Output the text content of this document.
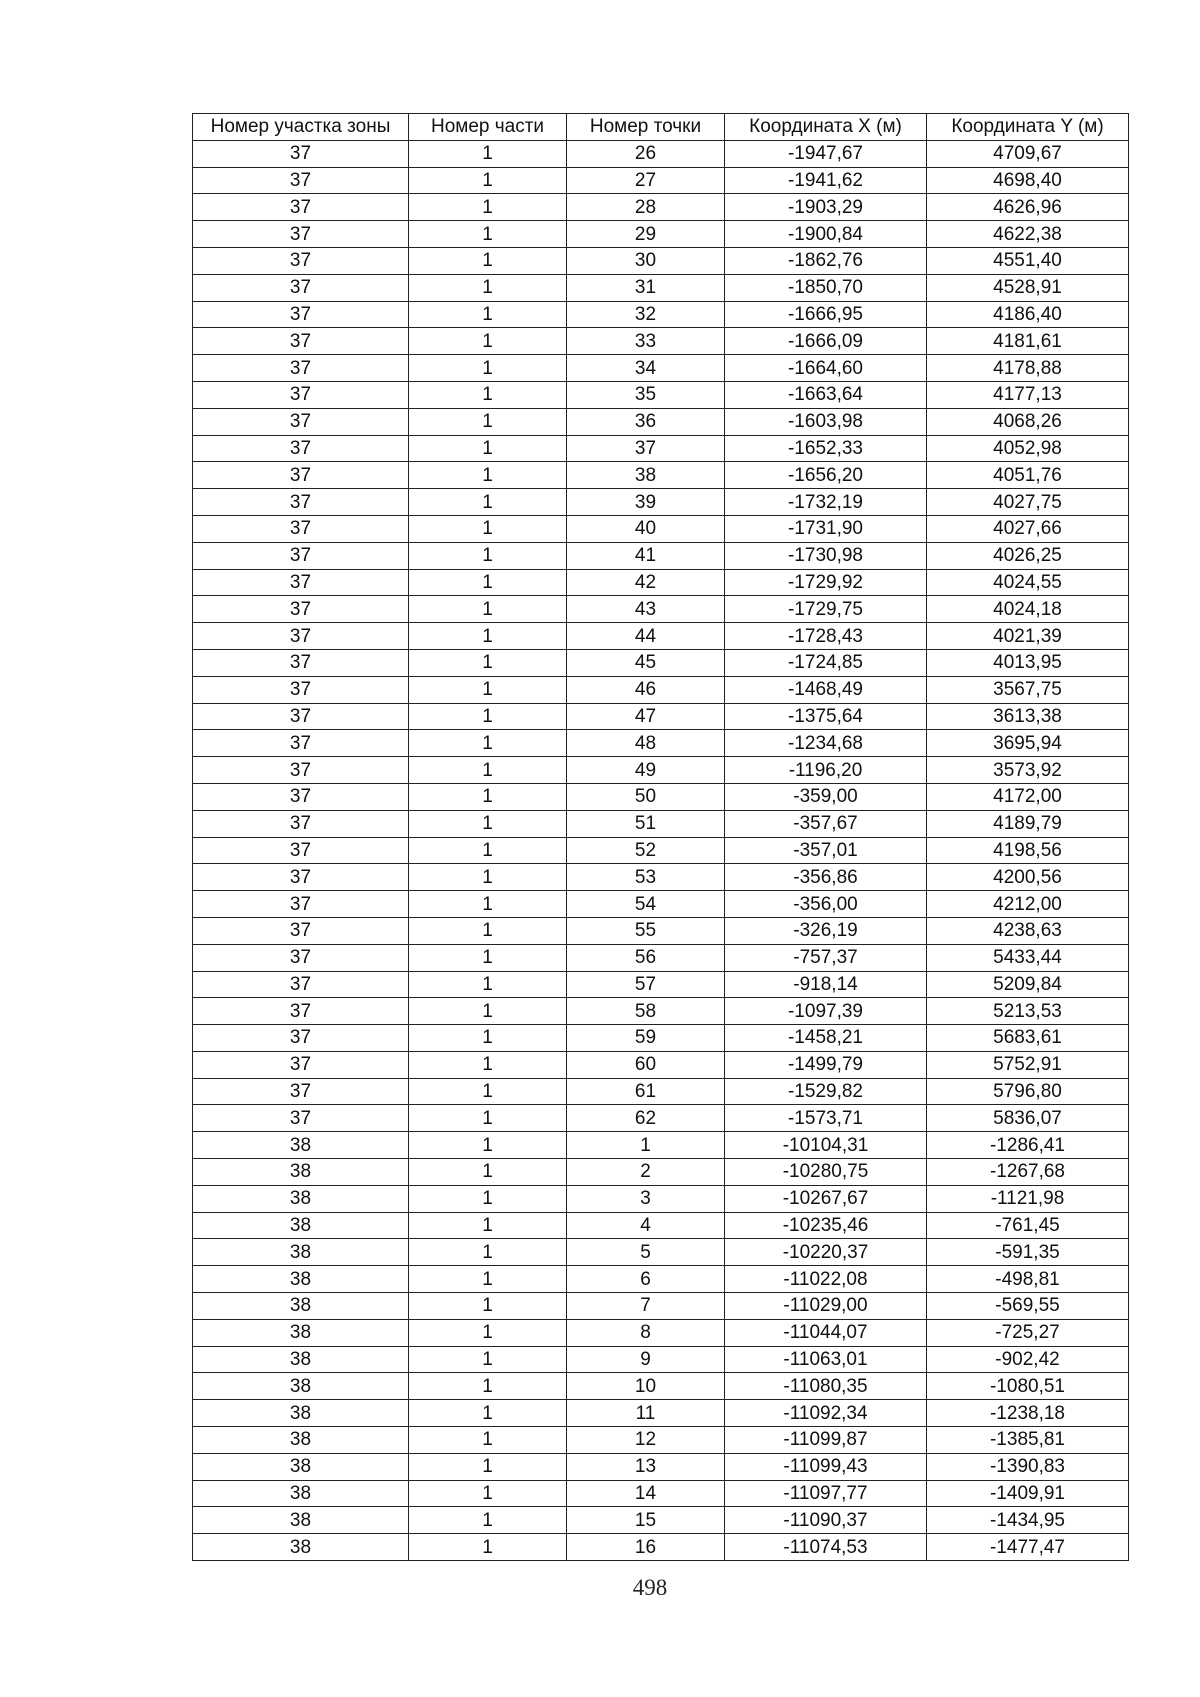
Номер участка зоны	Номер части	Номер точки	Координата X (м)	Координата Y (м)
37	1	26	-1947,67	4709,67
37	1	27	-1941,62	4698,40
37	1	28	-1903,29	4626,96
37	1	29	-1900,84	4622,38
37	1	30	-1862,76	4551,40
37	1	31	-1850,70	4528,91
37	1	32	-1666,95	4186,40
37	1	33	-1666,09	4181,61
37	1	34	-1664,60	4178,88
37	1	35	-1663,64	4177,13
37	1	36	-1603,98	4068,26
37	1	37	-1652,33	4052,98
37	1	38	-1656,20	4051,76
37	1	39	-1732,19	4027,75
37	1	40	-1731,90	4027,66
37	1	41	-1730,98	4026,25
37	1	42	-1729,92	4024,55
37	1	43	-1729,75	4024,18
37	1	44	-1728,43	4021,39
37	1	45	-1724,85	4013,95
37	1	46	-1468,49	3567,75
37	1	47	-1375,64	3613,38
37	1	48	-1234,68	3695,94
37	1	49	-1196,20	3573,92
37	1	50	-359,00	4172,00
37	1	51	-357,67	4189,79
37	1	52	-357,01	4198,56
37	1	53	-356,86	4200,56
37	1	54	-356,00	4212,00
37	1	55	-326,19	4238,63
37	1	56	-757,37	5433,44
37	1	57	-918,14	5209,84
37	1	58	-1097,39	5213,53
37	1	59	-1458,21	5683,61
37	1	60	-1499,79	5752,91
37	1	61	-1529,82	5796,80
37	1	62	-1573,71	5836,07
38	1	1	-10104,31	-1286,41
38	1	2	-10280,75	-1267,68
38	1	3	-10267,67	-1121,98
38	1	4	-10235,46	-761,45
38	1	5	-10220,37	-591,35
38	1	6	-11022,08	-498,81
38	1	7	-11029,00	-569,55
38	1	8	-11044,07	-725,27
38	1	9	-11063,01	-902,42
38	1	10	-11080,35	-1080,51
38	1	11	-11092,34	-1238,18
38	1	12	-11099,87	-1385,81
38	1	13	-11099,43	-1390,83
38	1	14	-11097,77	-1409,91
38	1	15	-11090,37	-1434,95
38	1	16	-11074,53	-1477,47
498
